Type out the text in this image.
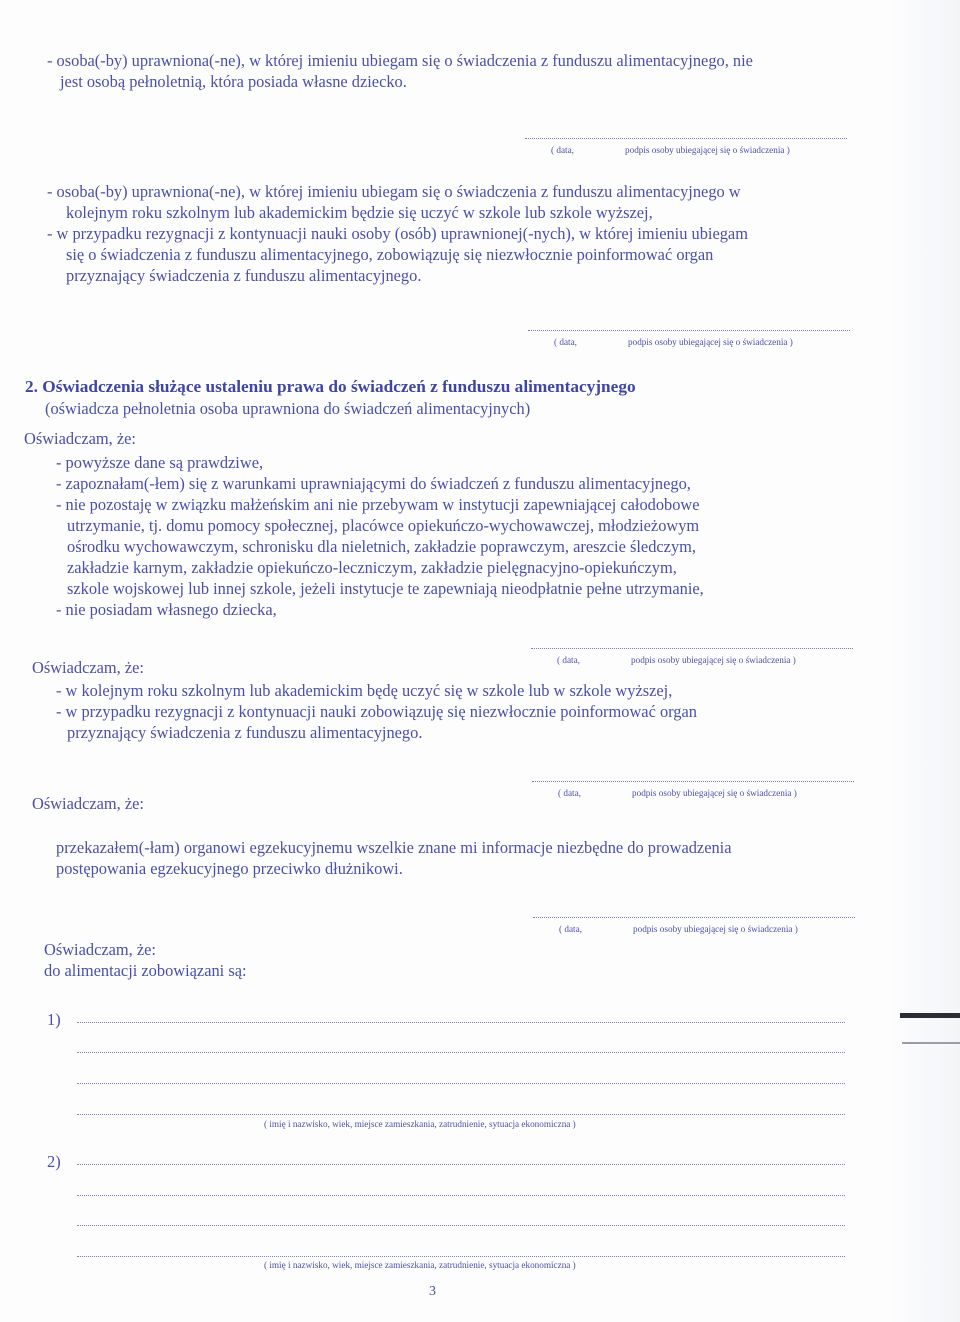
- osoba(-by) uprawniona(-ne), w której imieniu ubiegam się o świadczenia z funduszu alimentacyjnego, nie
jest osobą pełnoletnią, która posiada własne dziecko.
( data,	podpis osoby ubiegającej się o świadczenia )
- osoba(-by) uprawniona(-ne), w której imieniu ubiegam się o świadczenia z funduszu alimentacyjnego w
kolejnym roku szkolnym lub akademickim będzie się uczyć w szkole lub szkole wyższej,
- w przypadku rezygnacji z kontynuacji nauki osoby (osób) uprawnionej(-nych), w której imieniu ubiegam
się o świadczenia z funduszu alimentacyjnego, zobowiązuję się niezwłocznie poinformować organ
przyznający świadczenia z funduszu alimentacyjnego.
( data,	podpis osoby ubiegającej się o świadczenia )
2. Oświadczenia służące ustaleniu prawa do świadczeń z funduszu alimentacyjnego
(oświadcza pełnoletnia osoba uprawniona do świadczeń alimentacyjnych)
Oświadczam, że:
- powyższe dane są prawdziwe,
- zapoznałam(-łem) się z warunkami uprawniającymi do świadczeń z funduszu alimentacyjnego,
- nie pozostaję w związku małżeńskim ani nie przebywam w instytucji zapewniającej całodobowe
utrzymanie, tj. domu pomocy społecznej, placówce opiekuńczo-wychowawczej, młodzieżowym
ośrodku wychowawczym, schronisku dla nieletnich, zakładzie poprawczym, areszcie śledczym,
zakładzie karnym, zakładzie opiekuńczo-leczniczym, zakładzie pielęgnacyjno-opiekuńczym,
szkole wojskowej lub innej szkole, jeżeli instytucje te zapewniają nieodpłatnie pełne utrzymanie,
- nie posiadam własnego dziecka,
( data,	podpis osoby ubiegającej się o świadczenia )
Oświadczam, że:
- w kolejnym roku szkolnym lub akademickim będę uczyć się w szkole lub w szkole wyższej,
- w przypadku rezygnacji z kontynuacji nauki zobowiązuję się niezwłocznie poinformować organ
przyznający świadczenia z funduszu alimentacyjnego.
( data,	podpis osoby ubiegającej się o świadczenia )
Oświadczam, że:
przekazałem(-łam) organowi egzekucyjnemu wszelkie znane mi informacje niezbędne do prowadzenia
postępowania egzekucyjnego przeciwko dłużnikowi.
( data,	podpis osoby ubiegającej się o świadczenia )
Oświadczam, że:
do alimentacji zobowiązani są:
1)
( imię i nazwisko, wiek, miejsce zamieszkania, zatrudnienie, sytuacja ekonomiczna )
2)
( imię i nazwisko, wiek, miejsce zamieszkania, zatrudnienie, sytuacja ekonomiczna )
3
